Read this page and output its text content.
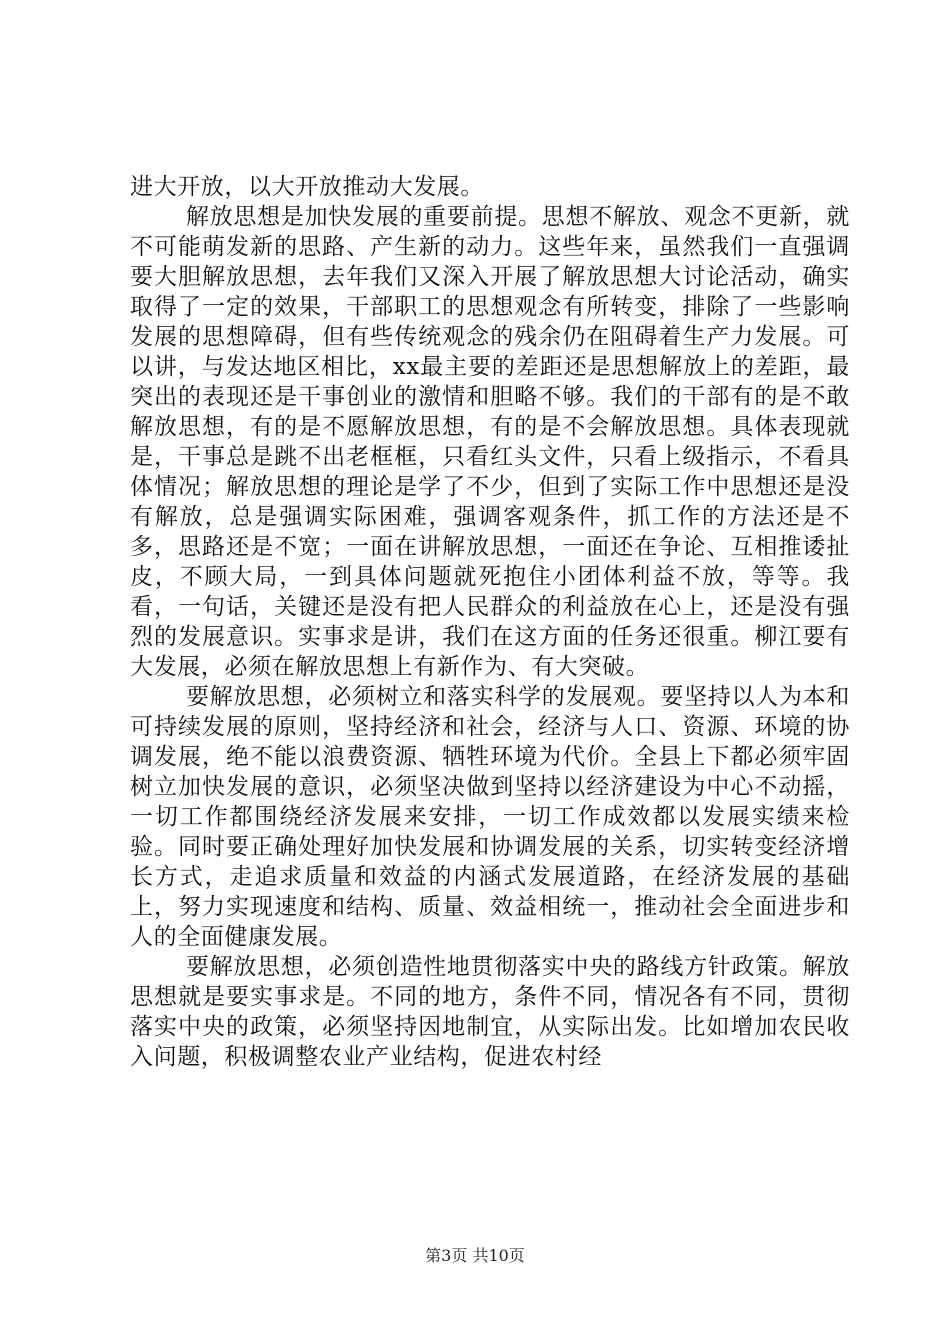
进大开放，以大开放推动大发展。

解放思想是加快发展的重要前提。思想不解放、观念不更新，就不可能萌发新的思路、产生新的动力。这些年来，虽然我们一直强调要大胆解放思想，去年我们又深入开展了解放思想大讨论活动，确实取得了一定的效果，干部职工的思想观念有所转变，排除了一些影响发展的思想障碍，但有些传统观念的残余仍在阻碍着生产力发展。可以讲，与发达地区相比，xx最主要的差距还是思想解放上的差距，最突出的表现还是干事创业的激情和胆略不够。我们的干部有的是不敢解放思想，有的是不愿解放思想，有的是不会解放思想。具体表现就是，干事总是跳不出老框框，只看红头文件，只看上级指示，不看具体情况；解放思想的理论是学了不少，但到了实际工作中思想还是没有解放，总是强调实际困难，强调客观条件，抓工作的方法还是不多，思路还是不宽；一面在讲解放思想，一面还在争论、互相推诿扯皮，不顾大局，一到具体问题就死抱住小团体利益不放，等等。我看，一句话，关键还是没有把人民群众的利益放在心上，还是没有强烈的发展意识。实事求是讲，我们在这方面的任务还很重。柳江要有大发展，必须在解放思想上有新作为、有大突破。

要解放思想，必须树立和落实科学的发展观。要坚持以人为本和可持续发展的原则，坚持经济和社会，经济与人口、资源、环境的协调发展，绝不能以浪费资源、牺牲环境为代价。全县上下都必须牢固树立加快发展的意识，必须坚决做到坚持以经济建设为中心不动摇，一切工作都围绕经济发展来安排，一切工作成效都以发展实绩来检验。同时要正确处理好加快发展和协调发展的关系，切实转变经济增长方式，走追求质量和效益的内涵式发展道路，在经济发展的基础上，努力实现速度和结构、质量、效益相统一，推动社会全面进步和人的全面健康发展。

要解放思想，必须创造性地贯彻落实中央的路线方针政策。解放思想就是要实事求是。不同的地方，条件不同，情况各有不同，贯彻落实中央的政策，必须坚持因地制宜，从实际出发。比如增加农民收入问题，积极调整农业产业结构，促进农村经

第3页 共10页
